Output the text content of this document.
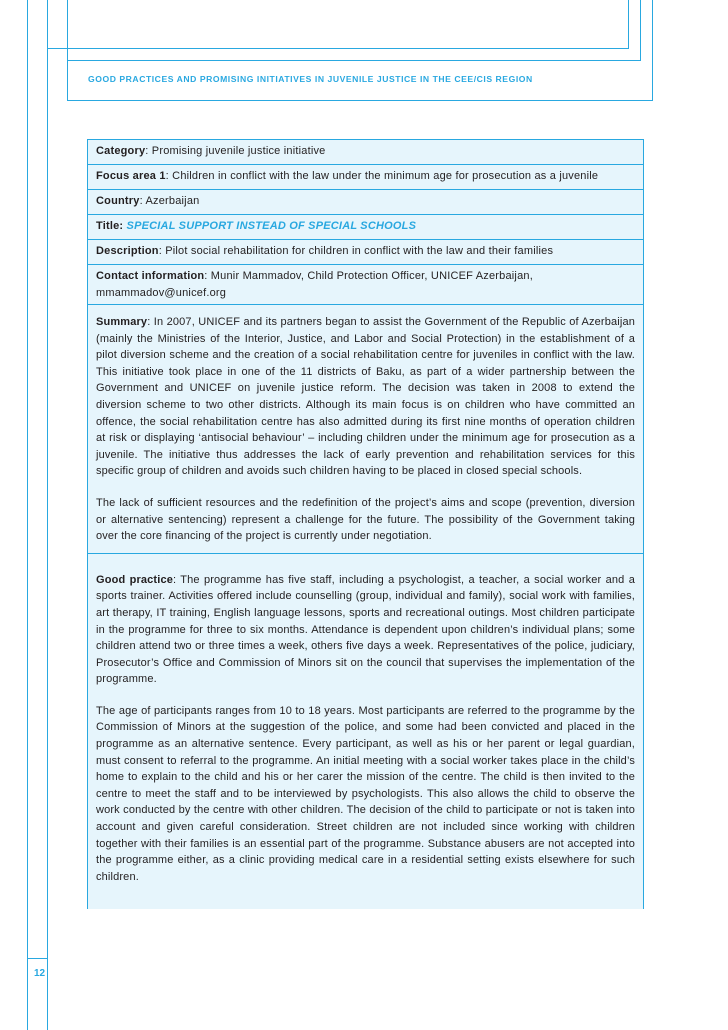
GOOD PRACTICES AND PROMISING INITIATIVES IN JUVENILE JUSTICE IN THE CEE/CIS REGION
Category: Promising juvenile justice initiative
Focus area 1: Children in conflict with the law under the minimum age for prosecution as a juvenile
Country: Azerbaijan
Title: SPECIAL SUPPORT INSTEAD OF SPECIAL SCHOOLS
Description: Pilot social rehabilitation for children in conflict with the law and their families
Contact information: Munir Mammadov, Child Protection Officer, UNICEF Azerbaijan, mmammadov@unicef.org

Summary: In 2007, UNICEF and its partners began to assist the Government of the Republic of Azerbaijan (mainly the Ministries of the Interior, Justice, and Labor and Social Protection) in the establishment of a pilot diversion scheme and the creation of a social rehabilitation centre for juveniles in conflict with the law. This initiative took place in one of the 11 districts of Baku, as part of a wider partnership between the Government and UNICEF on juvenile justice reform. The decision was taken in 2008 to extend the diversion scheme to two other districts. Although its main focus is on children who have committed an offence, the social rehabilitation centre has also admitted during its first nine months of operation children at risk or displaying ‘antisocial behaviour’ – including children under the minimum age for prosecution as a juvenile. The initiative thus addresses the lack of early prevention and rehabilitation services for this specific group of children and avoids such children having to be placed in closed special schools.

The lack of sufficient resources and the redefinition of the project’s aims and scope (prevention, diversion or alternative sentencing) represent a challenge for the future. The possibility of the Government taking over the core financing of the project is currently under negotiation.

Good practice: The programme has five staff, including a psychologist, a teacher, a social worker and a sports trainer. Activities offered include counselling (group, individual and family), social work with families, art therapy, IT training, English language lessons, sports and recreational outings. Most children participate in the programme for three to six months. Attendance is dependent upon children’s individual plans; some children attend two or three times a week, others five days a week. Representatives of the police, judiciary, Prosecutor’s Office and Commission of Minors sit on the council that supervises the implementation of the programme.

The age of participants ranges from 10 to 18 years. Most participants are referred to the programme by the Commission of Minors at the suggestion of the police, and some had been convicted and placed in the programme as an alternative sentence. Every participant, as well as his or her parent or legal guardian, must consent to referral to the programme. An initial meeting with a social worker takes place in the child’s home to explain to the child and his or her carer the mission of the centre. The child is then invited to the centre to meet the staff and to be interviewed by psychologists. This also allows the child to observe the work conducted by the centre with other children. The decision of the child to participate or not is taken into account and given careful consideration. Street children are not included since working with children together with their families is an essential part of the programme. Substance abusers are not accepted into the programme either, as a clinic providing medical care in a residential setting exists elsewhere for such children.

12
